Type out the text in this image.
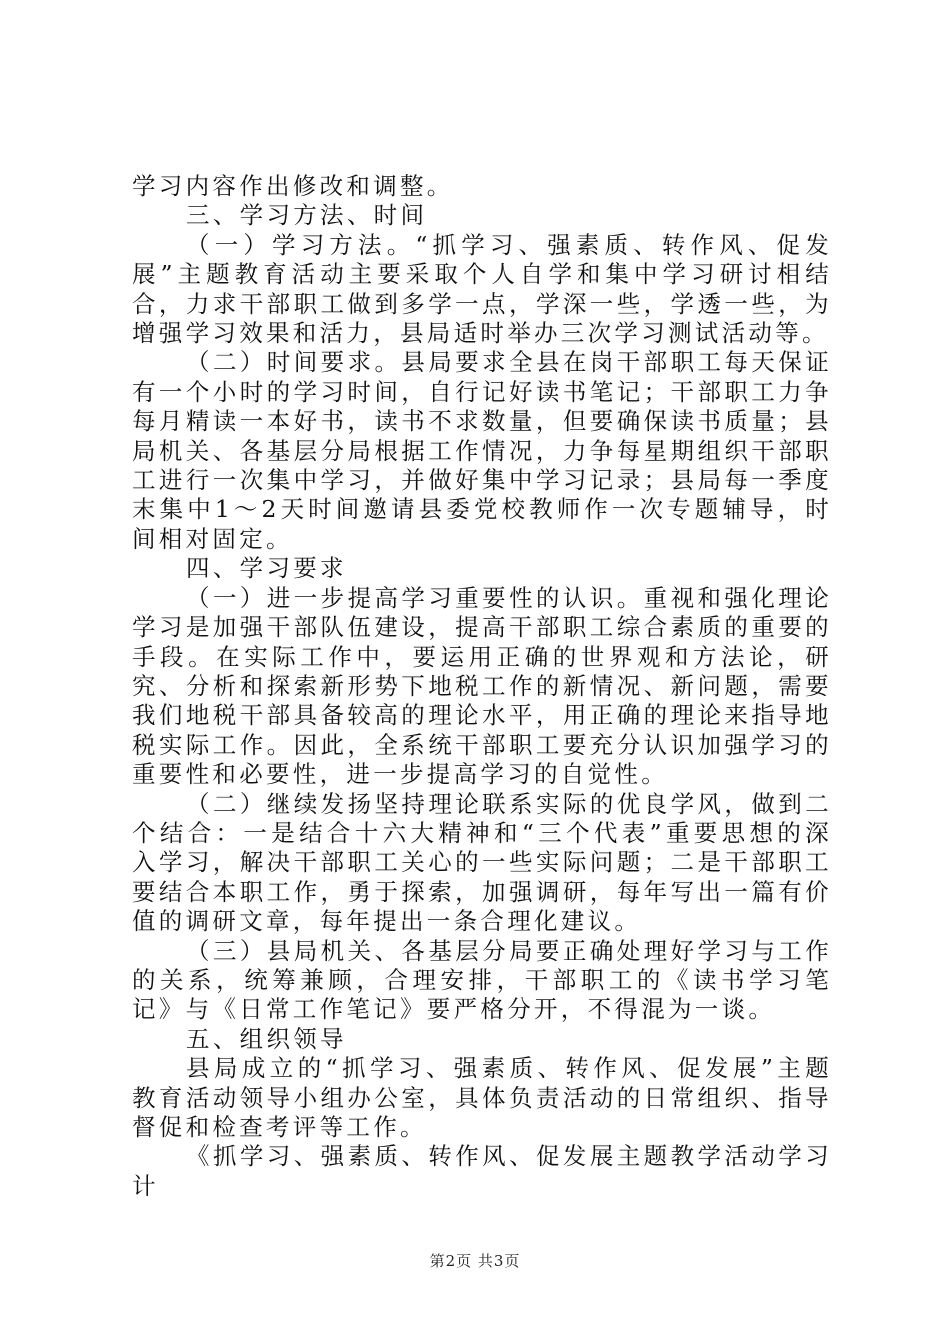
学习内容作出修改和调整。

三、学习方法、时间

（一）学习方法。“抓学习、强素质、转作风、促发展”主题教育活动主要采取个人自学和集中学习研讨相结合，力求干部职工做到多学一点，学深一些，学透一些，为增强学习效果和活力，县局适时举办三次学习测试活动等。

（二）时间要求。县局要求全县在岗干部职工每天保证有一个小时的学习时间，自行记好读书笔记；干部职工力争每月精读一本好书，读书不求数量，但要确保读书质量；县局机关、各基层分局根据工作情况，力争每星期组织干部职工进行一次集中学习，并做好集中学习记录；县局每一季度末集中1～2天时间邀请县委党校教师作一次专题辅导，时间相对固定。

四、学习要求

（一）进一步提高学习重要性的认识。重视和强化理论学习是加强干部队伍建设，提高干部职工综合素质的重要的手段。在实际工作中，要运用正确的世界观和方法论，研究、分析和探索新形势下地税工作的新情况、新问题，需要我们地税干部具备较高的理论水平，用正确的理论来指导地税实际工作。因此，全系统干部职工要充分认识加强学习的重要性和必要性，进一步提高学习的自觉性。

（二）继续发扬坚持理论联系实际的优良学风，做到二个结合：一是结合十六大精神和“三个代表”重要思想的深入学习，解决干部职工关心的一些实际问题；二是干部职工要结合本职工作，勇于探索，加强调研，每年写出一篇有价值的调研文章，每年提出一条合理化建议。

（三）县局机关、各基层分局要正确处理好学习与工作的关系，统筹兼顾，合理安排，干部职工的《读书学习笔记》与《日常工作笔记》要严格分开，不得混为一谈。

五、组织领导

县局成立的“抓学习、强素质、转作风、促发展”主题教育活动领导小组办公室，具体负责活动的日常组织、指导督促和检查考评等工作。

《抓学习、强素质、转作风、促发展主题教学活动学习计

第2页 共3页
